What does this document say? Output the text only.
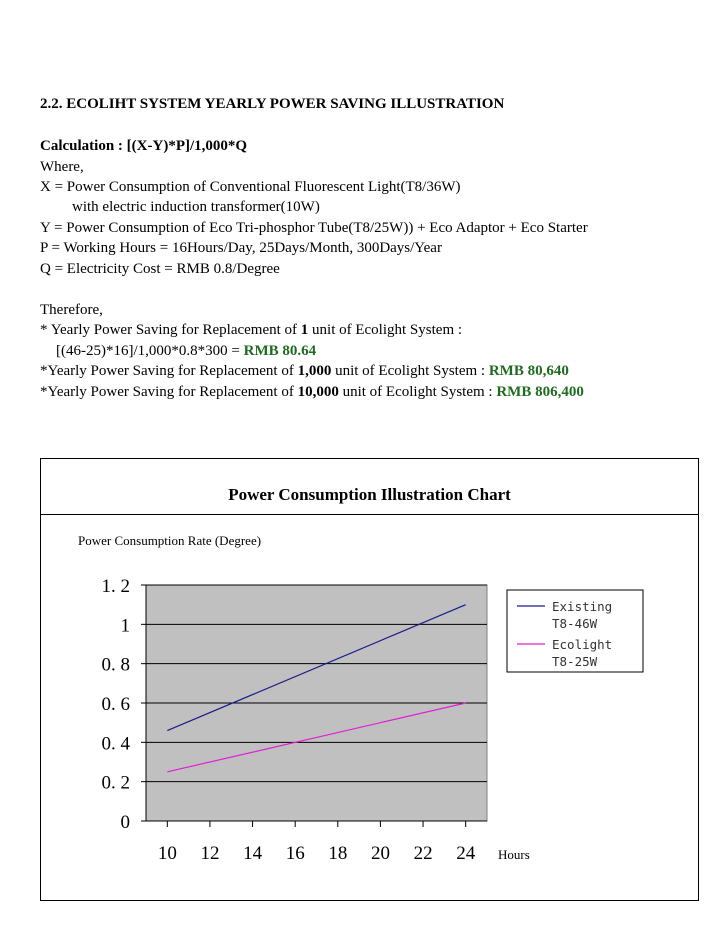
2.2. ECOLIHT SYSTEM YEARLY POWER SAVING ILLUSTRATION
Calculation : [(X-Y)*P]/1,000*Q
Where,
X = Power Consumption of Conventional Fluorescent Light(T8/36W)
with electric induction transformer(10W)
Y = Power Consumption of Eco Tri-phosphor Tube(T8/25W)) + Eco Adaptor + Eco Starter
P = Working Hours = 16Hours/Day, 25Days/Month, 300Days/Year
Q = Electricity Cost = RMB 0.8/Degree
Therefore,
* Yearly Power Saving for Replacement of 1 unit of Ecolight System :
[(46-25)*16]/1,000*0.8*300 = RMB 80.64
*Yearly Power Saving for Replacement of 1,000 unit of Ecolight System : RMB 80,640
*Yearly Power Saving for Replacement of 10,000 unit of Ecolight System : RMB 806,400
Power Consumption Illustration Chart
Power Consumption Rate (Degree)
0
0. 2
0. 4
0. 6
0. 8
1
1. 2
10 12 14 16 18 20 22 24 Hours
Existing
T8-46W
Ecolight
T8-25W
